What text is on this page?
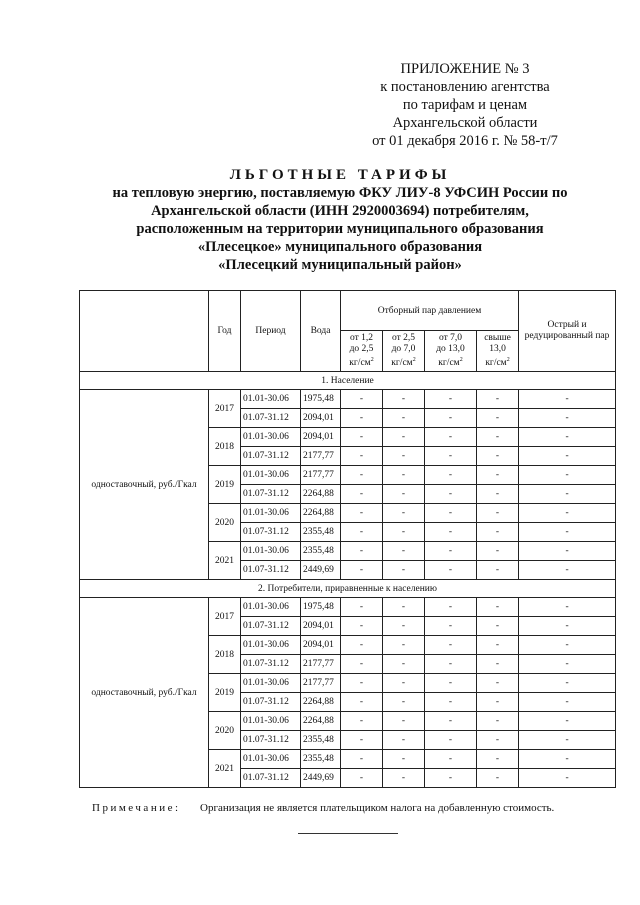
ПРИЛОЖЕНИЕ № 3
к постановлению агентства
по тарифам и ценам
Архангельской области
от 01 декабря 2016 г. № 58-т/7
ЛЬГОТНЫЕ ТАРИФЫ
на тепловую энергию, поставляемую ФКУ ЛИУ-8 УФСИН России по
Архангельской области (ИНН 2920003694) потребителям,
расположенным на территории муниципального образования
«Плесецкое» муниципального образования
«Плесецкий муниципальный район»
	Год	Период	Вода	Отборный пар давлением				Острый и редуцированный пар
				от 1,2
до 2,5
$кг/см^2$	от 2,5
до 7,0
$кг/см^2$	от 7,0
до 13,0
$кг/см^2$	свыше
13,0
$кг/см^2$
1. Население								
одноставочный, руб./Гкал	2017	01.01-30.06	1975,48	-	-	-	-	-
		01.07-31.12	2094,01	-	-	-	-	-
	2018	01.01-30.06	2094,01	-	-	-	-	-
		01.07-31.12	2177,77	-	-	-	-	-
	2019	01.01-30.06	2177,77	-	-	-	-	-
		01.07-31.12	2264,88	-	-	-	-	-
	2020	01.01-30.06	2264,88	-	-	-	-	-
		01.07-31.12	2355,48	-	-	-	-	-
	2021	01.01-30.06	2355,48	-	-	-	-	-
		01.07-31.12	2449,69	-	-	-	-	-
2. Потребители, приравненные к населению								
одноставочный, руб./Гкал	2017	01.01-30.06	1975,48	-	-	-	-	-
		01.07-31.12	2094,01	-	-	-	-	-
	2018	01.01-30.06	2094,01	-	-	-	-	-
		01.07-31.12	2177,77	-	-	-	-	-
	2019	01.01-30.06	2177,77	-	-	-	-	-
		01.07-31.12	2264,88	-	-	-	-	-
	2020	01.01-30.06	2264,88	-	-	-	-	-
		01.07-31.12	2355,48	-	-	-	-	-
	2021	01.01-30.06	2355,48	-	-	-	-	-
		01.07-31.12	2449,69	-	-	-	-	-
Примечание: Организация не является плательщиком налога на добавленную стоимость.
